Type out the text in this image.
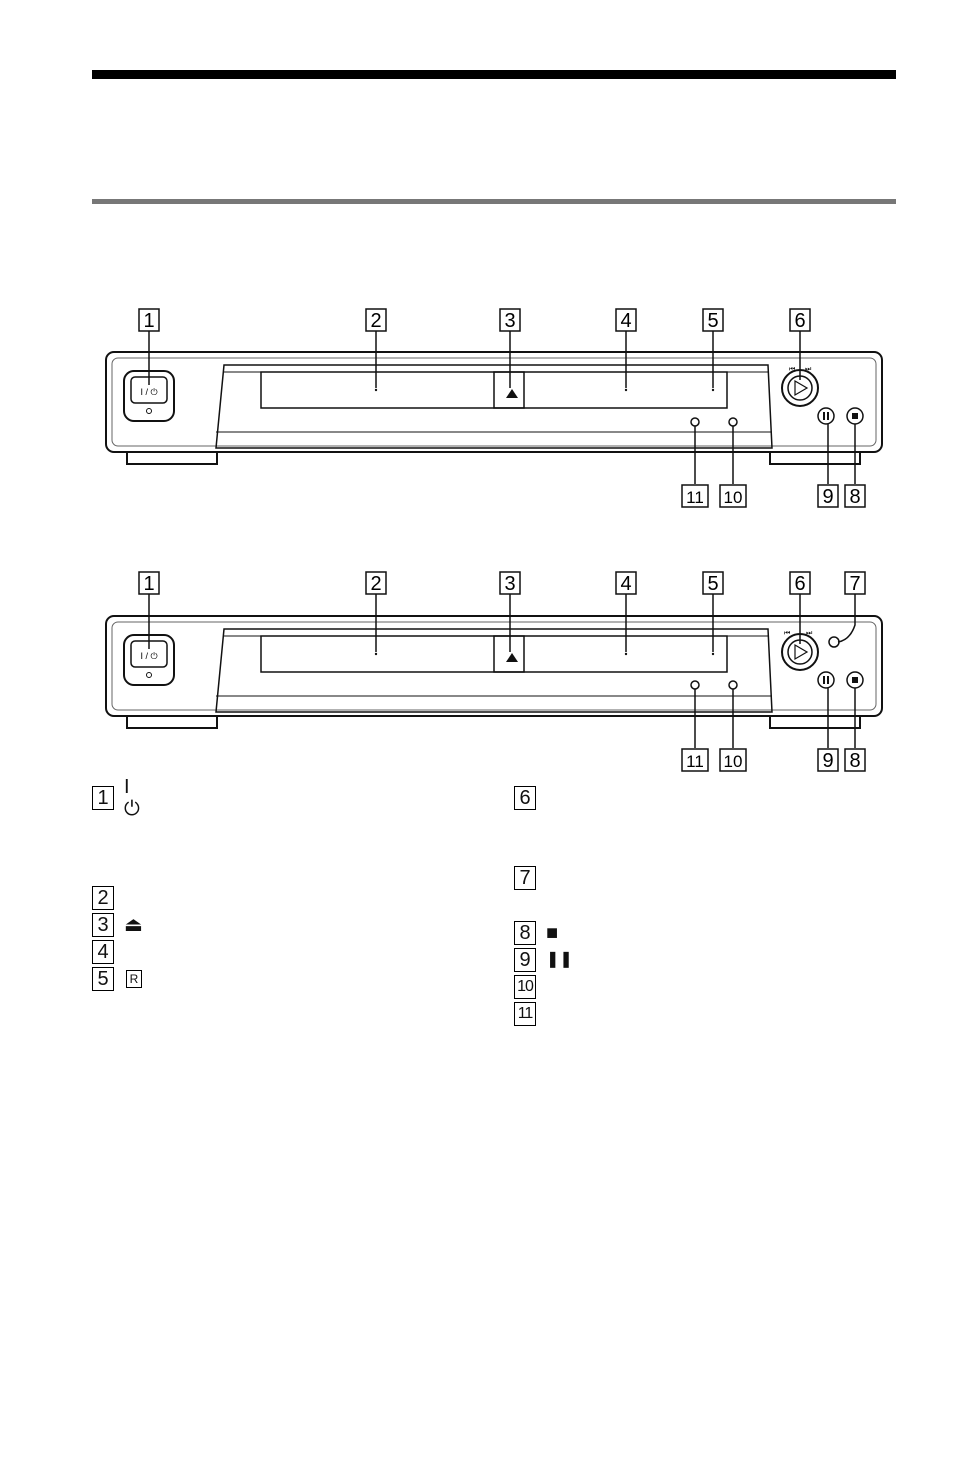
⏮ ⏭
I / ⏻
1	2	3	4	5	6
11 10	9 8
⏮ ⏭
I / ⏻
1	2	3	4	5	6 7
11 10	9 8
1 I ⏻
2
3 ⏏
4
5	R
6
7
8 ■
9 ❚❚
10
11
